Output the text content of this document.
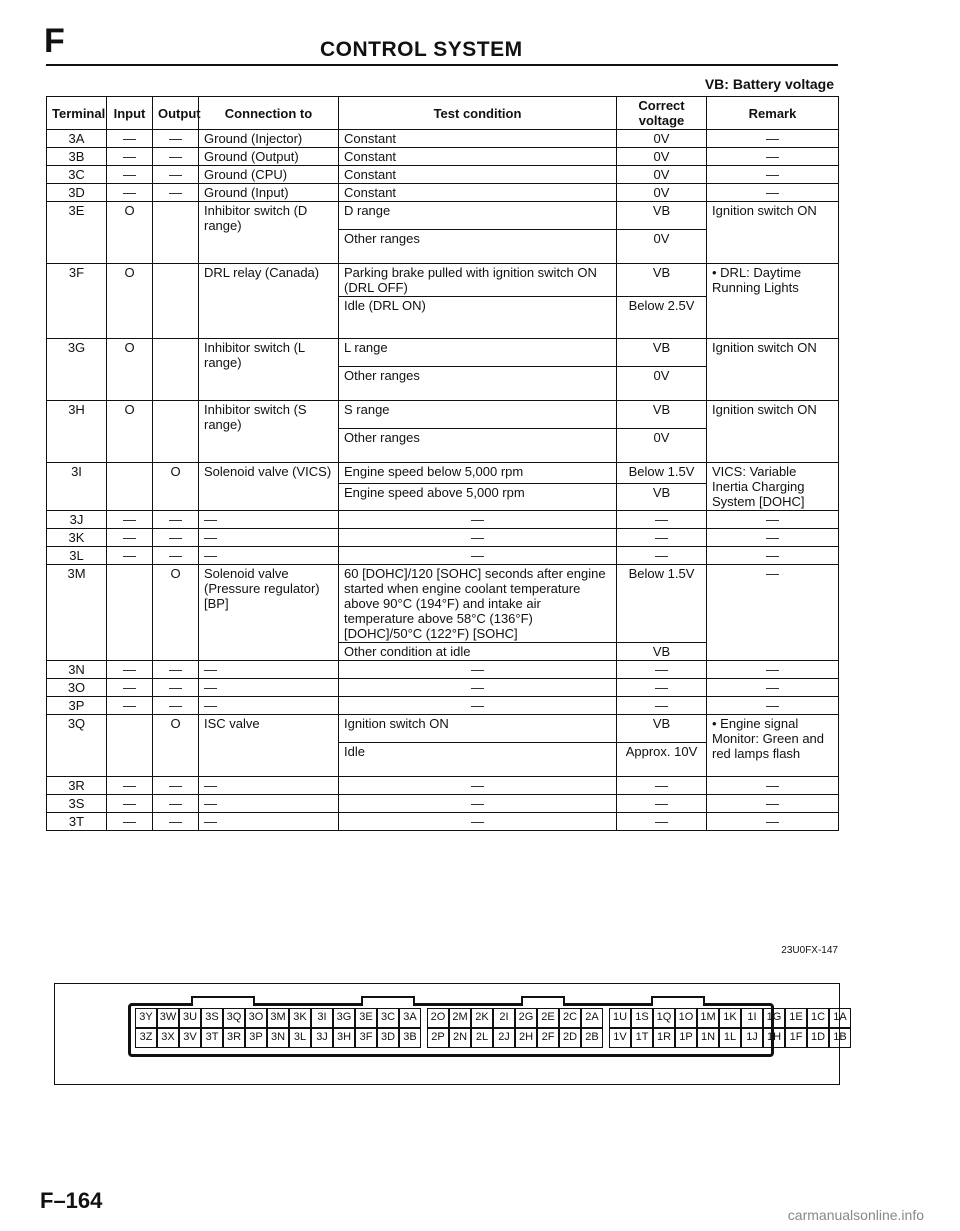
F	CONTROL SYSTEM
VB: Battery voltage
Terminal	Input	Output	Connection to	Test condition	Correct voltage	Remark
3A	—	—	Ground (Injector)	Constant	0V	—
3B	—	—	Ground (Output)	Constant	0V	—
3C	—	—	Ground (CPU)	Constant	0V	—
3D	—	—	Ground (Input)	Constant	0V	—
3E	O		Inhibitor switch (D range)	D range	VB	Ignition switch ON
				Other ranges	0V	
3F	O		DRL relay (Canada)	Parking brake pulled with ignition switch ON (DRL OFF)	VB	• DRL: Daytime Running Lights
				Idle (DRL ON)	Below 2.5V	
3G	O		Inhibitor switch (L range)	L range	VB	Ignition switch ON
				Other ranges	0V	
3H	O		Inhibitor switch (S range)	S range	VB	Ignition switch ON
				Other ranges	0V	
3I		O	Solenoid valve (VICS)	Engine speed below 5,000 rpm	Below 1.5V	VICS: Variable Inertia Charging System [DOHC]
				Engine speed above 5,000 rpm	VB	
3J	—	—	—	—	—	—
3K	—	—	—	—	—	—
3L	—	—	—	—	—	—
3M		O	Solenoid valve (Pressure regulator) [BP]	60 [DOHC]/120 [SOHC] seconds after engine started when engine coolant temperature above 90°C (194°F) and intake air temperature above 58°C (136°F) [DOHC]/50°C (122°F) [SOHC]	Below 1.5V	—
				Other condition at idle	VB	
3N	—	—	—	—	—	—
3O	—	—	—	—	—	—
3P	—	—	—	—	—	—
3Q		O	ISC valve	Ignition switch ON	VB	• Engine signal Monitor: Green and red lamps flash
				Idle	Approx. 10V	
3R	—	—	—	—	—	—
3S	—	—	—	—	—	—
3T	—	—	—	—	—	—
23U0FX-147
3Y 3W 3U 3S 3Q 3O 3M 3K 3I 3G 3E 3C 3A	2O 2M 2K 2I 2G 2E 2C 2A	1U 1S 1Q 1O 1M 1K 1I 1G 1E 1C 1A
3Z 3X 3V 3T 3R 3P 3N 3L 3J 3H 3F 3D 3B	2P 2N 2L 2J 2H 2F 2D 2B	1V 1T 1R 1P 1N 1L 1J 1H 1F 1D 1B
F–164
carmanualsonline.info
